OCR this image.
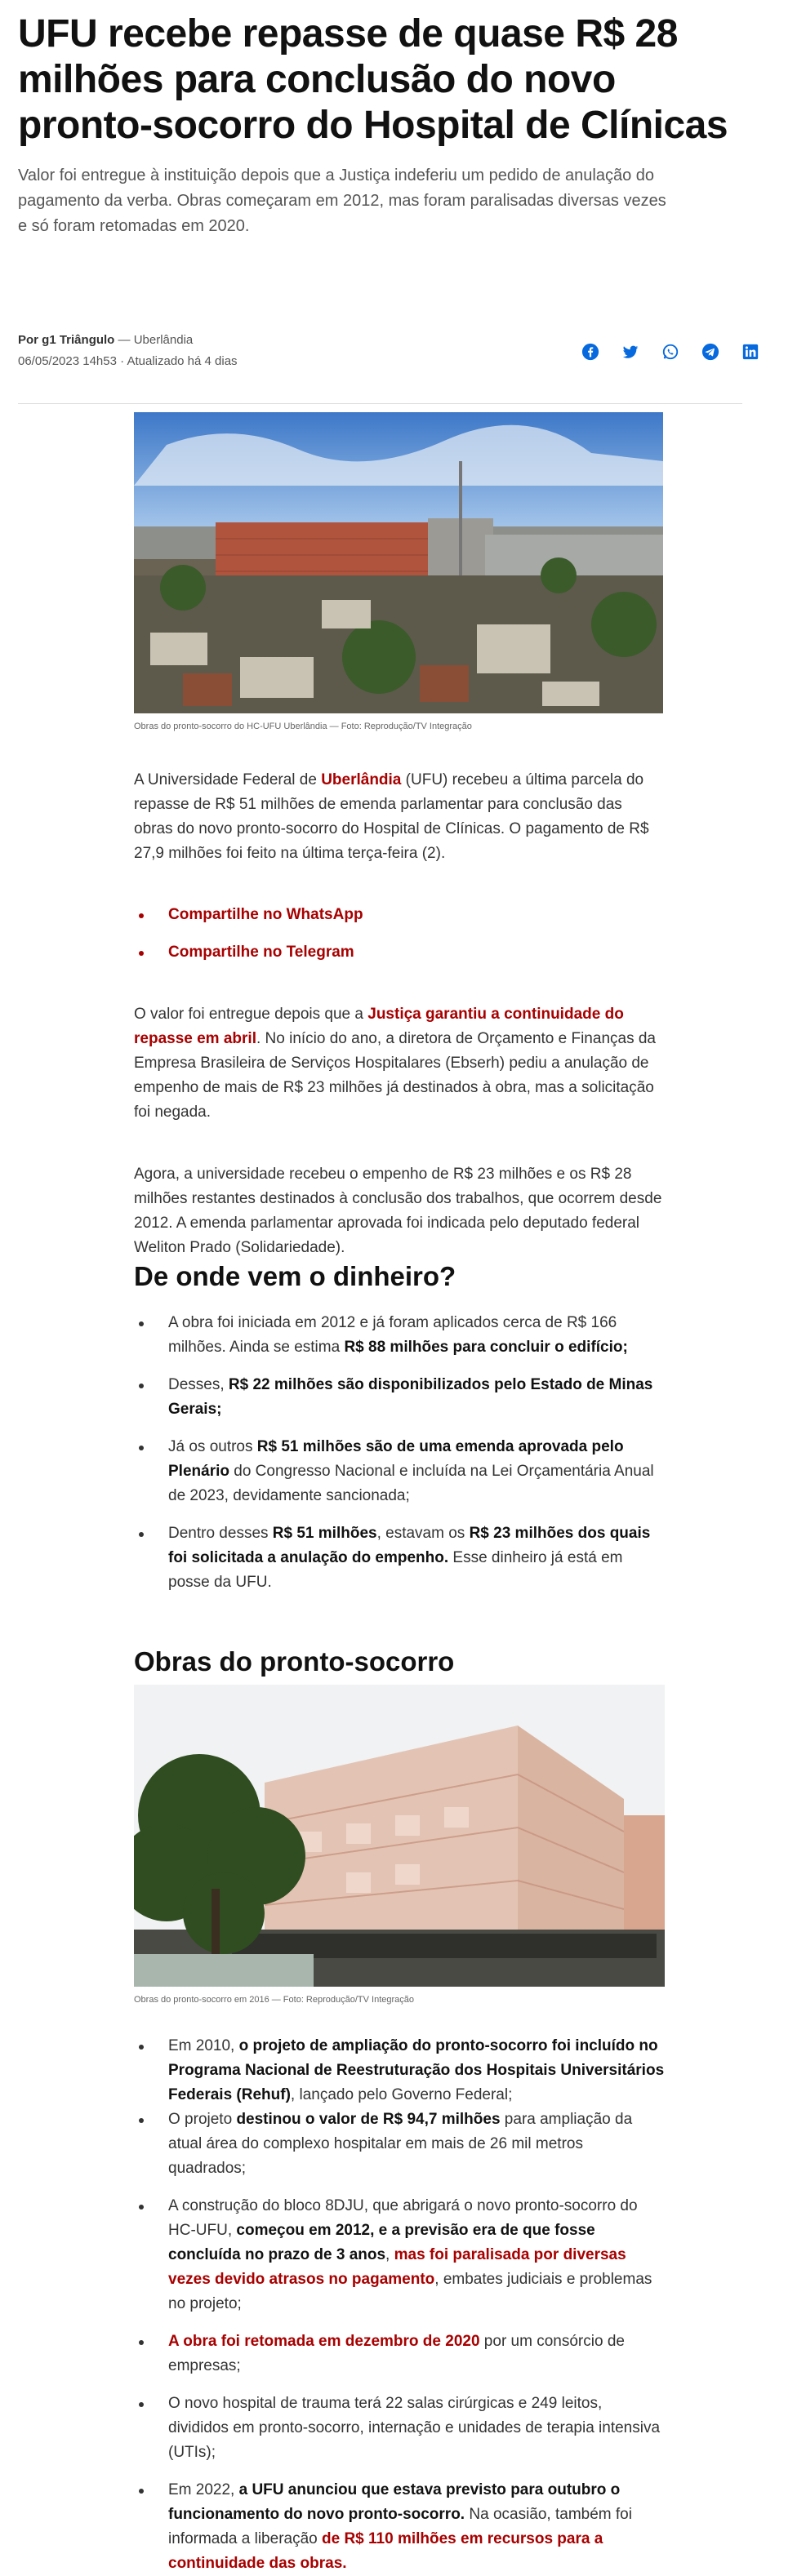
UFU recebe repasse de quase R$ 28 milhões para conclusão do novo pronto-socorro do Hospital de Clínicas

Valor foi entregue à instituição depois que a Justiça indeferiu um pedido de anulação do pagamento da verba. Obras começaram em 2012, mas foram paralisadas diversas vezes e só foram retomadas em 2020.

Por g1 Triângulo — Uberlândia
06/05/2023 14h53 · Atualizado há 4 dias
Obras do pronto-socorro do HC-UFU Uberlândia — Foto: Reprodução/TV Integração

A Universidade Federal de Uberlândia (UFU) recebeu a última parcela do repasse de R$ 51 milhões de emenda parlamentar para conclusão das obras do novo pronto-socorro do Hospital de Clínicas. O pagamento de R$ 27,9 milhões foi feito na última terça-feira (2).

Compartilhe no WhatsApp
Compartilhe no Telegram

O valor foi entregue depois que a Justiça garantiu a continuidade do repasse em abril. No início do ano, a diretora de Orçamento e Finanças da Empresa Brasileira de Serviços Hospitalares (Ebserh) pediu a anulação de empenho de mais de R$ 23 milhões já destinados à obra, mas a solicitação foi negada.

Agora, a universidade recebeu o empenho de R$ 23 milhões e os R$ 28 milhões restantes destinados à conclusão dos trabalhos, que ocorrem desde 2012. A emenda parlamentar aprovada foi indicada pelo deputado federal Weliton Prado (Solidariedade).

De onde vem o dinheiro?
A obra foi iniciada em 2012 e já foram aplicados cerca de R$ 166 milhões. Ainda se estima R$ 88 milhões para concluir o edifício;
Desses, R$ 22 milhões são disponibilizados pelo Estado de Minas Gerais;
Já os outros R$ 51 milhões são de uma emenda aprovada pelo Plenário do Congresso Nacional e incluída na Lei Orçamentária Anual de 2023, devidamente sancionada;
Dentro desses R$ 51 milhões, estavam os R$ 23 milhões dos quais foi solicitada a anulação do empenho. Esse dinheiro já está em posse da UFU.
Obras do pronto-socorro
Obras do pronto-socorro em 2016 — Foto: Reprodução/TV Integração
Em 2010, o projeto de ampliação do pronto-socorro foi incluído no Programa Nacional de Reestruturação dos Hospitais Universitários Federais (Rehuf), lançado pelo Governo Federal;
O projeto destinou o valor de R$ 94,7 milhões para ampliação da atual área do complexo hospitalar em mais de 26 mil metros quadrados;
A construção do bloco 8DJU, que abrigará o novo pronto-socorro do HC-UFU, começou em 2012, e a previsão era de que fosse concluída no prazo de 3 anos, mas foi paralisada por diversas vezes devido atrasos no pagamento, embates judiciais e problemas no projeto;
A obra foi retomada em dezembro de 2020 por um consórcio de empresas;
O novo hospital de trauma terá 22 salas cirúrgicas e 249 leitos, divididos em pronto-socorro, internação e unidades de terapia intensiva (UTIs);
Em 2022, a UFU anunciou que estava previsto para outubro o funcionamento do novo pronto-socorro. Na ocasião, também foi informada a liberação de R$ 110 milhões em recursos para a continuidade das obras.
